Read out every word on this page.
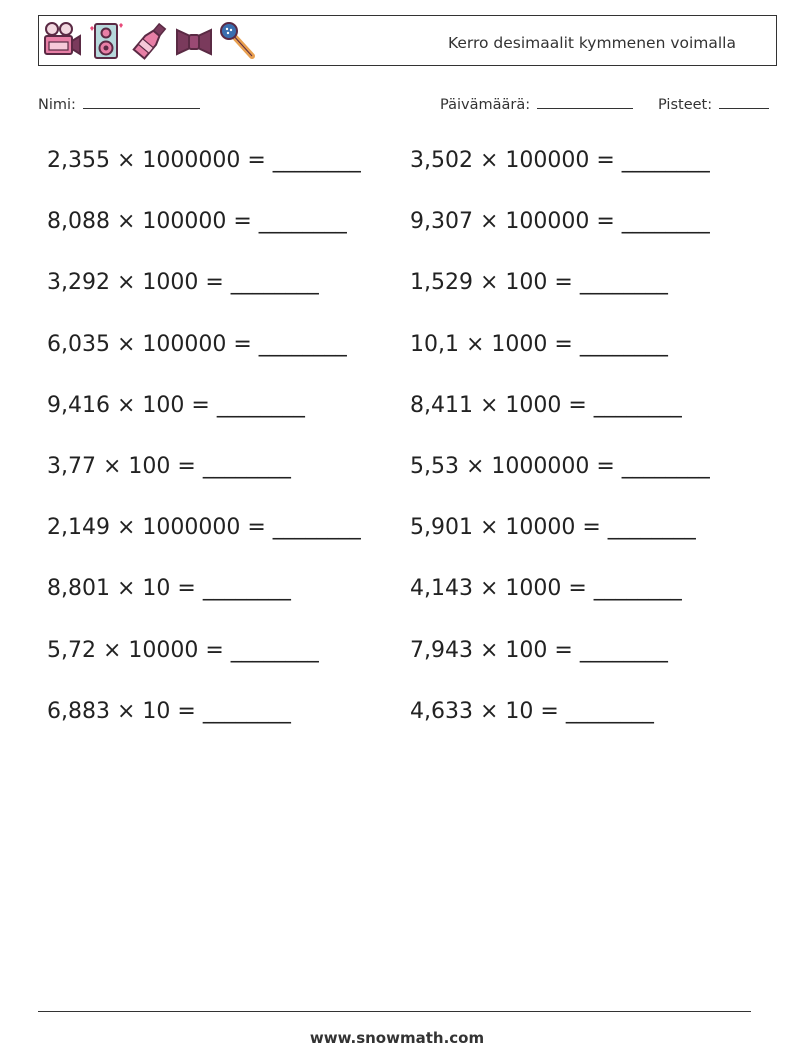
Kerro desimaalit kymmenen voimalla
Nimi:	Päivämäärä:	Pisteet:
2,355 × 1000000 = ________
8,088 × 100000 = ________
3,292 × 1000 = ________
6,035 × 100000 = ________
9,416 × 100 = ________
3,77 × 100 = ________
2,149 × 1000000 = ________
8,801 × 10 = ________
5,72 × 10000 = ________
6,883 × 10 = ________
3,502 × 100000 = ________
9,307 × 100000 = ________
1,529 × 100 = ________
10,1 × 1000 = ________
8,411 × 1000 = ________
5,53 × 1000000 = ________
5,901 × 10000 = ________
4,143 × 1000 = ________
7,943 × 100 = ________
4,633 × 10 = ________
www.snowmath.com
